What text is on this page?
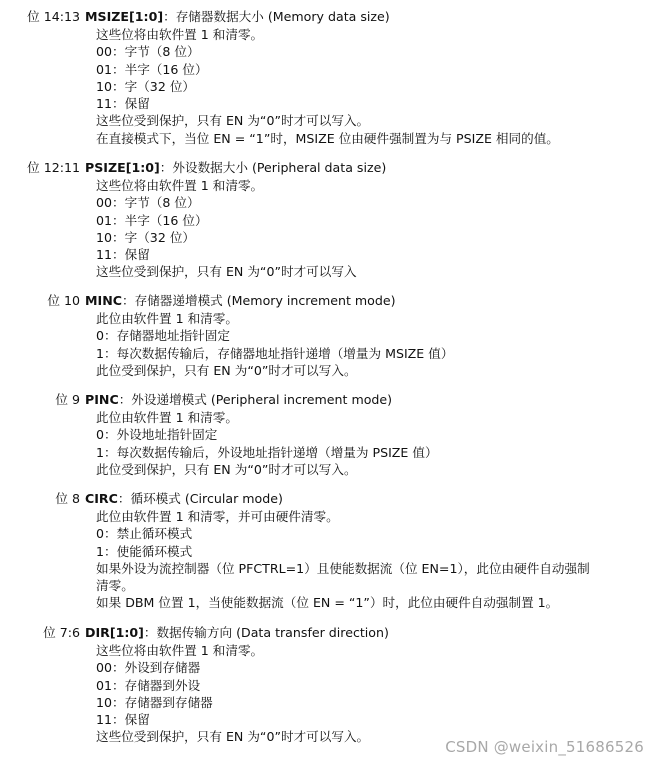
位 14:13 MSIZE[1:0]：存储器数据大小 (Memory data size)
这些位将由软件置 1 和清零。
00：字节（8 位）
01：半字（16 位）
10：字（32 位）
11：保留
这些位受到保护，只有 EN 为“0”时才可以写入。
在直接模式下，当位 EN = “1”时，MSIZE 位由硬件强制置为与 PSIZE 相同的值。
位 12:11 PSIZE[1:0]：外设数据大小 (Peripheral data size)
这些位将由软件置 1 和清零。
00：字节（8 位）
01：半字（16 位）
10：字（32 位）
11：保留
这些位受到保护，只有 EN 为“0”时才可以写入
位 10 MINC：存储器递增模式 (Memory increment mode)
此位由软件置 1 和清零。
0：存储器地址指针固定
1：每次数据传输后，存储器地址指针递增（增量为 MSIZE 值）
此位受到保护，只有 EN 为“0”时才可以写入。
位 9 PINC：外设递增模式 (Peripheral increment mode)
此位由软件置 1 和清零。
0：外设地址指针固定
1：每次数据传输后，外设地址指针递增（增量为 PSIZE 值）
此位受到保护，只有 EN 为“0”时才可以写入。
位 8 CIRC：循环模式 (Circular mode)
此位由软件置 1 和清零，并可由硬件清零。
0：禁止循环模式
1：使能循环模式
如果外设为流控制器（位 PFCTRL=1）且使能数据流（位 EN=1），此位由硬件自动强制
清零。
如果 DBM 位置 1，当使能数据流（位 EN = “1”）时，此位由硬件自动强制置 1。
位 7:6 DIR[1:0]：数据传输方向 (Data transfer direction)
这些位将由软件置 1 和清零。
00：外设到存储器
01：存储器到外设
10：存储器到存储器
11：保留
这些位受到保护，只有 EN 为“0”时才可以写入。
CSDN @weixin_51686526
